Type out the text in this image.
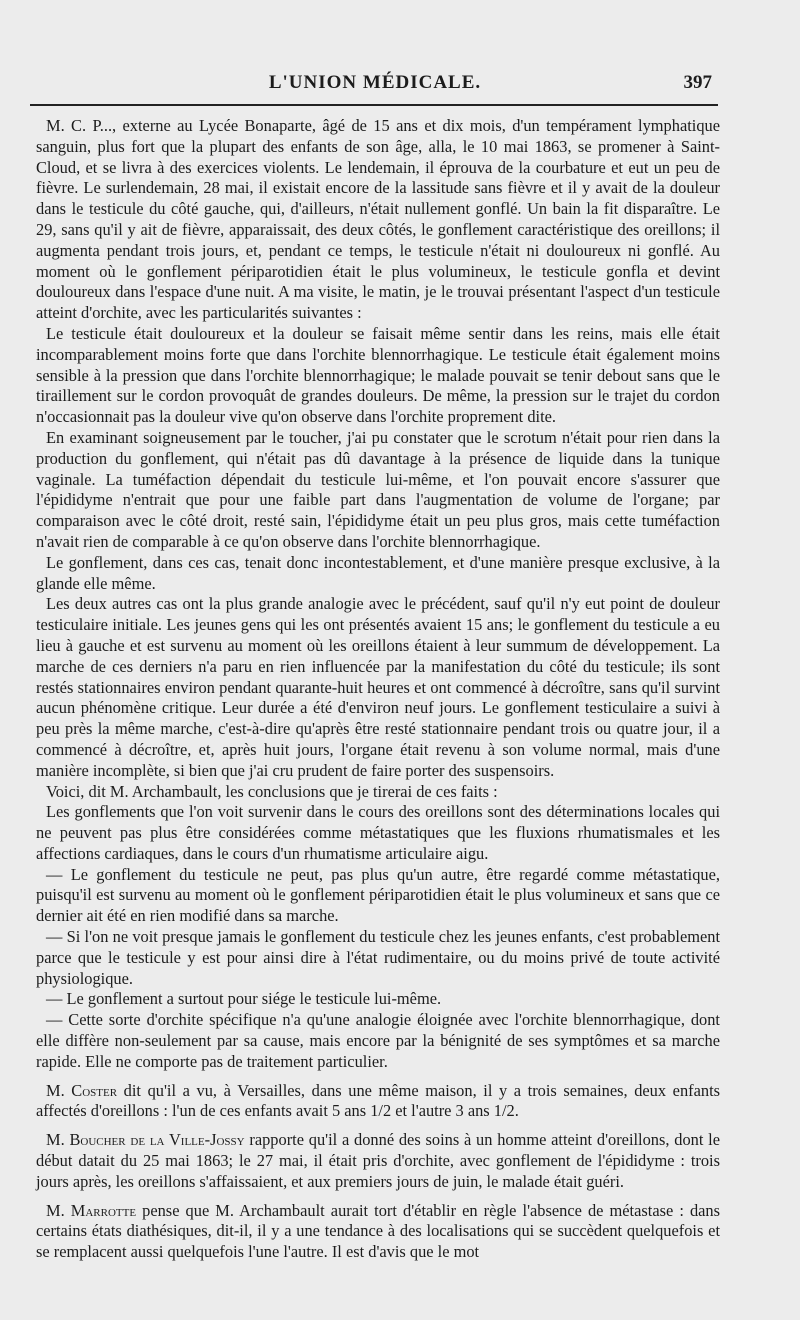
L'UNION MÉDICALE.	397

M. C. P..., externe au Lycée Bonaparte, âgé de 15 ans et dix mois, d'un tempérament lymphatique sanguin, plus fort que la plupart des enfants de son âge, alla, le 10 mai 1863, se promener à Saint-Cloud, et se livra à des exercices violents. Le lendemain, il éprouva de la courbature et eut un peu de fièvre. Le surlendemain, 28 mai, il existait encore de la lassitude sans fièvre et il y avait de la douleur dans le testicule du côté gauche, qui, d'ailleurs, n'était nullement gonflé. Un bain la fit disparaître. Le 29, sans qu'il y ait de fièvre, apparaissait, des deux côtés, le gonflement caractéristique des oreillons; il augmenta pendant trois jours, et, pendant ce temps, le testicule n'était ni douloureux ni gonflé. Au moment où le gonflement périparotidien était le plus volumineux, le testicule gonfla et devint douloureux dans l'espace d'une nuit. A ma visite, le matin, je le trouvai présentant l'aspect d'un testicule atteint d'orchite, avec les particularités suivantes :

Le testicule était douloureux et la douleur se faisait même sentir dans les reins, mais elle était incomparablement moins forte que dans l'orchite blennorrhagique. Le testicule était également moins sensible à la pression que dans l'orchite blennorrhagique; le malade pouvait se tenir debout sans que le tiraillement sur le cordon provoquât de grandes douleurs. De même, la pression sur le trajet du cordon n'occasionnait pas la douleur vive qu'on observe dans l'orchite proprement dite.

En examinant soigneusement par le toucher, j'ai pu constater que le scrotum n'était pour rien dans la production du gonflement, qui n'était pas dû davantage à la présence de liquide dans la tunique vaginale. La tuméfaction dépendait du testicule lui-même, et l'on pouvait encore s'assurer que l'épididyme n'entrait que pour une faible part dans l'augmentation de volume de l'organe; par comparaison avec le côté droit, resté sain, l'épididyme était un peu plus gros, mais cette tuméfaction n'avait rien de comparable à ce qu'on observe dans l'orchite blennorrhagique.

Le gonflement, dans ces cas, tenait donc incontestablement, et d'une manière presque exclusive, à la glande elle même.

Les deux autres cas ont la plus grande analogie avec le précédent, sauf qu'il n'y eut point de douleur testiculaire initiale. Les jeunes gens qui les ont présentés avaient 15 ans; le gonflement du testicule a eu lieu à gauche et est survenu au moment où les oreillons étaient à leur summum de développement. La marche de ces derniers n'a paru en rien influencée par la manifestation du côté du testicule; ils sont restés stationnaires environ pendant quarante-huit heures et ont commencé à décroître, sans qu'il survint aucun phénomène critique. Leur durée a été d'environ neuf jours. Le gonflement testiculaire a suivi à peu près la même marche, c'est-à-dire qu'après être resté stationnaire pendant trois ou quatre jour, il a commencé à décroître, et, après huit jours, l'organe était revenu à son volume normal, mais d'une manière incomplète, si bien que j'ai cru prudent de faire porter des suspensoirs.

Voici, dit M. Archambault, les conclusions que je tirerai de ces faits :

Les gonflements que l'on voit survenir dans le cours des oreillons sont des déterminations locales qui ne peuvent pas plus être considérées comme métastatiques que les fluxions rhumatismales et les affections cardiaques, dans le cours d'un rhumatisme articulaire aigu.

— Le gonflement du testicule ne peut, pas plus qu'un autre, être regardé comme métastatique, puisqu'il est survenu au moment où le gonflement périparotidien était le plus volumineux et sans que ce dernier ait été en rien modifié dans sa marche.

— Si l'on ne voit presque jamais le gonflement du testicule chez les jeunes enfants, c'est probablement parce que le testicule y est pour ainsi dire à l'état rudimentaire, ou du moins privé de toute activité physiologique.

— Le gonflement a surtout pour siége le testicule lui-même.

— Cette sorte d'orchite spécifique n'a qu'une analogie éloignée avec l'orchite blennorrhagique, dont elle diffère non-seulement par sa cause, mais encore par la bénignité de ses symptômes et sa marche rapide. Elle ne comporte pas de traitement particulier.

M. Coster dit qu'il a vu, à Versailles, dans une même maison, il y a trois semaines, deux enfants affectés d'oreillons : l'un de ces enfants avait 5 ans 1/2 et l'autre 3 ans 1/2.

M. Boucher de la Ville-Jossy rapporte qu'il a donné des soins à un homme atteint d'oreillons, dont le début datait du 25 mai 1863; le 27 mai, il était pris d'orchite, avec gonflement de l'épididyme : trois jours après, les oreillons s'affaissaient, et aux premiers jours de juin, le malade était guéri.

M. Marrotte pense que M. Archambault aurait tort d'établir en règle l'absence de métastase : dans certains états diathésiques, dit-il, il y a une tendance à des localisations qui se succèdent quelquefois et se remplacent aussi quelquefois l'une l'autre. Il est d'avis que le mot
